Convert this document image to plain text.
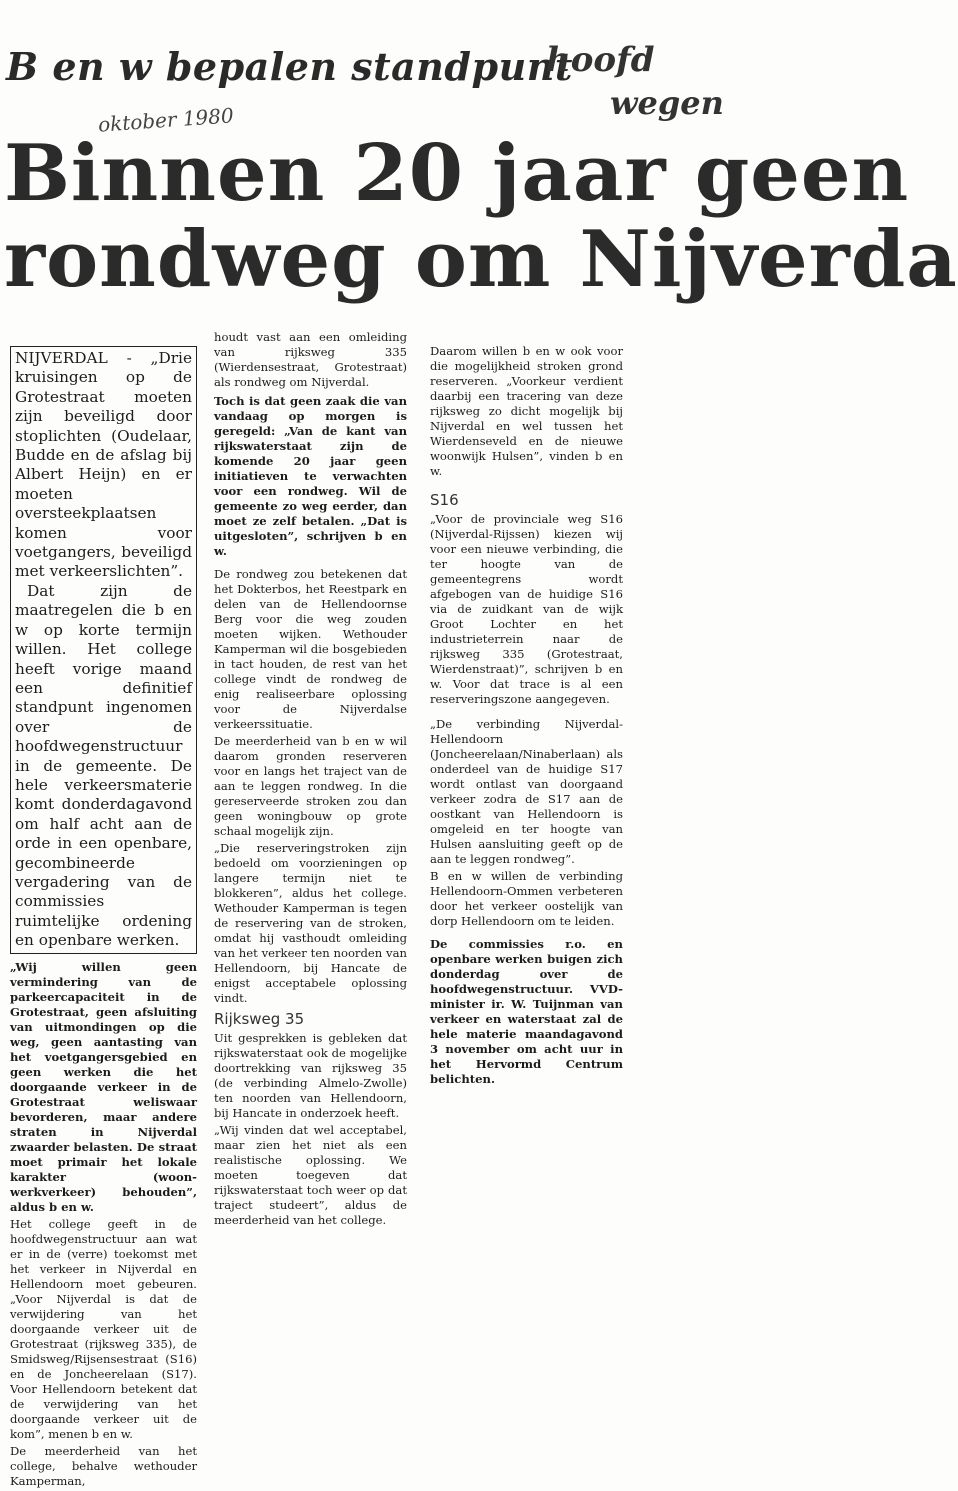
B en w bepalen standpunt
hoofd
wegen
oktober 1980
Binnen 20 jaar geen
rondweg om Nijverda

NIJVERDAL - „Drie kruisingen op de Grotestraat moeten zijn beveiligd door stoplichten (Oudelaar, Budde en de afslag bij Albert Heijn) en er moeten oversteekplaatsen komen voor voetgangers, beveiligd met verkeerslichten”.

Dat zijn de maatregelen die b en w op korte termijn willen. Het college heeft vorige maand een definitief standpunt ingenomen over de hoofdwegenstructuur in de gemeente. De hele verkeersmaterie komt donderdagavond om half acht aan de orde in een openbare, gecombineerde vergadering van de commissies ruimtelijke ordening en openbare werken.

„Wij willen geen vermindering van de parkeercapaciteit in de Grotestraat, geen afsluiting van uitmondingen op die weg, geen aantasting van het voetgangersgebied en geen werken die het doorgaande verkeer in de Grotestraat weliswaar bevorderen, maar andere straten in Nijverdal zwaarder belasten. De straat moet primair het lokale karakter (woon-werkverkeer) behouden”, aldus b en w.

Het college geeft in de hoofdwegenstructuur aan wat er in de (verre) toekomst met het verkeer in Nijverdal en Hellendoorn moet gebeuren. „Voor Nijverdal is dat de verwijdering van het doorgaande verkeer uit de Grotestraat (rijksweg 335), de Smidsweg/Rijsensestraat (S16) en de Joncheerelaan (S17). Voor Hellendoorn betekent dat de verwijdering van het doorgaande verkeer uit de kom”, menen b en w.

De meerderheid van het college, behalve wethouder Kamperman,

houdt vast aan een omleiding van rijksweg 335 (Wierdensestraat, Grotestraat) als rondweg om Nijverdal.

Toch is dat geen zaak die van vandaag op morgen is geregeld: „Van de kant van rijkswaterstaat zijn de komende 20 jaar geen initiatieven te verwachten voor een rondweg. Wil de gemeente zo weg eerder, dan moet ze zelf betalen. „Dat is uitgesloten”, schrijven b en w.

De rondweg zou betekenen dat het Dokterbos, het Reestpark en delen van de Hellendoornse Berg voor die weg zouden moeten wijken. Wethouder Kamperman wil die bosgebieden in tact houden, de rest van het college vindt de rondweg de enig realiseerbare oplossing voor de Nijverdalse verkeerssituatie.

De meerderheid van b en w wil daarom gronden reserveren voor en langs het traject van de aan te leggen rondweg. In die gereserveerde stroken zou dan geen woningbouw op grote schaal mogelijk zijn.

„Die reserveringstroken zijn bedoeld om voorzieningen op langere termijn niet te blokkeren”, aldus het college. Wethouder Kamperman is tegen de reservering van de stroken, omdat hij vasthoudt omleiding van het verkeer ten noorden van Hellendoorn, bij Hancate de enigst acceptabele oplossing vindt.

Rijksweg 35

Uit gesprekken is gebleken dat rijkswaterstaat ook de mogelijke doortrekking van rijksweg 35 (de verbinding Almelo-Zwolle) ten noorden van Hellendoorn, bij Hancate in onderzoek heeft.

„Wij vinden dat wel acceptabel, maar zien het niet als een realistische oplossing. We moeten toegeven dat rijkswaterstaat toch weer op dat traject studeert”, aldus de meerderheid van het college.

Daarom willen b en w ook voor die mogelijkheid stroken grond reserveren. „Voorkeur verdient daarbij een tracering van deze rijksweg zo dicht mogelijk bij Nijverdal en wel tussen het Wierdenseveld en de nieuwe woonwijk Hulsen”, vinden b en w.

S16

„Voor de provinciale weg S16 (Nijverdal-Rijssen) kiezen wij voor een nieuwe verbinding, die ter hoogte van de gemeentegrens wordt afgebogen van de huidige S16 via de zuidkant van de wijk Groot Lochter en het industrieterrein naar de rijksweg 335 (Grotestraat, Wierdenstraat)”, schrijven b en w. Voor dat trace is al een reserveringszone aangegeven.

„De verbinding Nijverdal-Hellendoorn (Joncheerelaan/Ninaberlaan) als onderdeel van de huidige S17 wordt ontlast van doorgaand verkeer zodra de S17 aan de oostkant van Hellendoorn is omgeleid en ter hoogte van Hulsen aansluiting geeft op de aan te leggen rondweg”.

B en w willen de verbinding Hellendoorn-Ommen verbeteren door het verkeer oostelijk van dorp Hellendoorn om te leiden.

De commissies r.o. en openbare werken buigen zich donderdag over de hoofdwegenstructuur. VVD-minister ir. W. Tuijnman van verkeer en waterstaat zal de hele materie maandagavond 3 november om acht uur in het Hervormd Centrum belichten.
